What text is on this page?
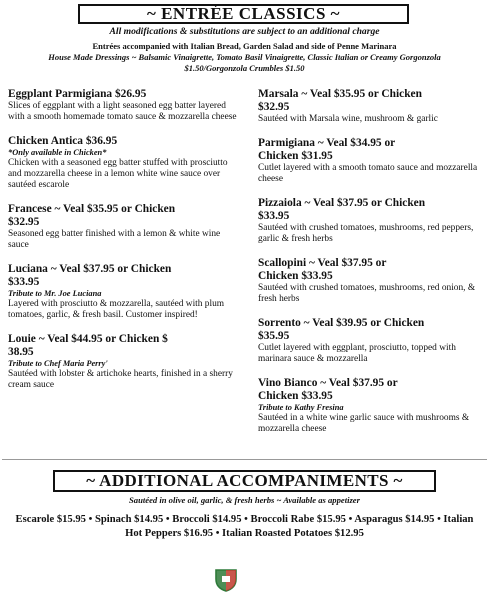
~ ENTRÉE CLASSICS ~
All modifications & substitutions are subject to an additional charge
Entrées accompanied with Italian Bread, Garden Salad and side of Penne Marinara
House Made Dressings ~ Balsamic Vinaigrette, Tomato Basil Vinaigrette, Classic Italian or Creamy Gorgonzola $1.50/Gorgonzola Crumbles $1.50
Eggplant Parmigiana $26.95
Slices of eggplant with a light seasoned egg batter layered with a smooth homemade tomato sauce & mozzarella cheese
Chicken Antica $36.95
*Only available in Chicken*
Chicken with a seasoned egg batter stuffed with prosciutto and mozzarella cheese in a lemon white wine sauce over sautéed escarole
Francese ~ Veal $35.95 or Chicken $32.95
Seasoned egg batter finished with a lemon & white wine sauce
Luciana ~ Veal $37.95 or Chicken $33.95
Tribute to Mr. Joe Luciana
Layered with prosciutto & mozzarella, sautéed with plum tomatoes, garlic, & fresh basil. Customer inspired!
Louie ~ Veal $44.95 or Chicken $ 38.95
Tribute to Chef Maria Perry'
Sautéed with lobster & artichoke hearts, finished in a sherry cream sauce
Marsala ~ Veal $35.95 or Chicken $32.95
Sautéed with Marsala wine, mushroom & garlic
Parmigiana ~ Veal $34.95 or Chicken $31.95
Cutlet layered with a smooth tomato sauce and mozzarella cheese
Pizzaiola ~ Veal $37.95 or Chicken $33.95
Sautéed with crushed tomatoes, mushrooms, red peppers, garlic & fresh herbs
Scallopini ~ Veal $37.95 or Chicken $33.95
Sautéed with crushed tomatoes, mushrooms, red onion, & fresh herbs
Sorrento ~ Veal $39.95 or Chicken $35.95
Cutlet layered with eggplant, prosciutto, topped with marinara sauce & mozzarella
Vino Bianco ~ Veal $37.95 or Chicken $33.95
Tribute to Kathy Fresina
Sautéed in a white wine garlic sauce with mushrooms & mozzarella cheese
~ ADDITIONAL ACCOMPANIMENTS ~
Sautéed in olive oil, garlic, & fresh herbs ~ Available as appetizer
Escarole $15.95 • Spinach $14.95 • Broccoli $14.95 • Broccoli Rabe $15.95 • Asparagus $14.95 • Italian Hot Peppers $16.95 • Italian Roasted Potatoes $12.95
